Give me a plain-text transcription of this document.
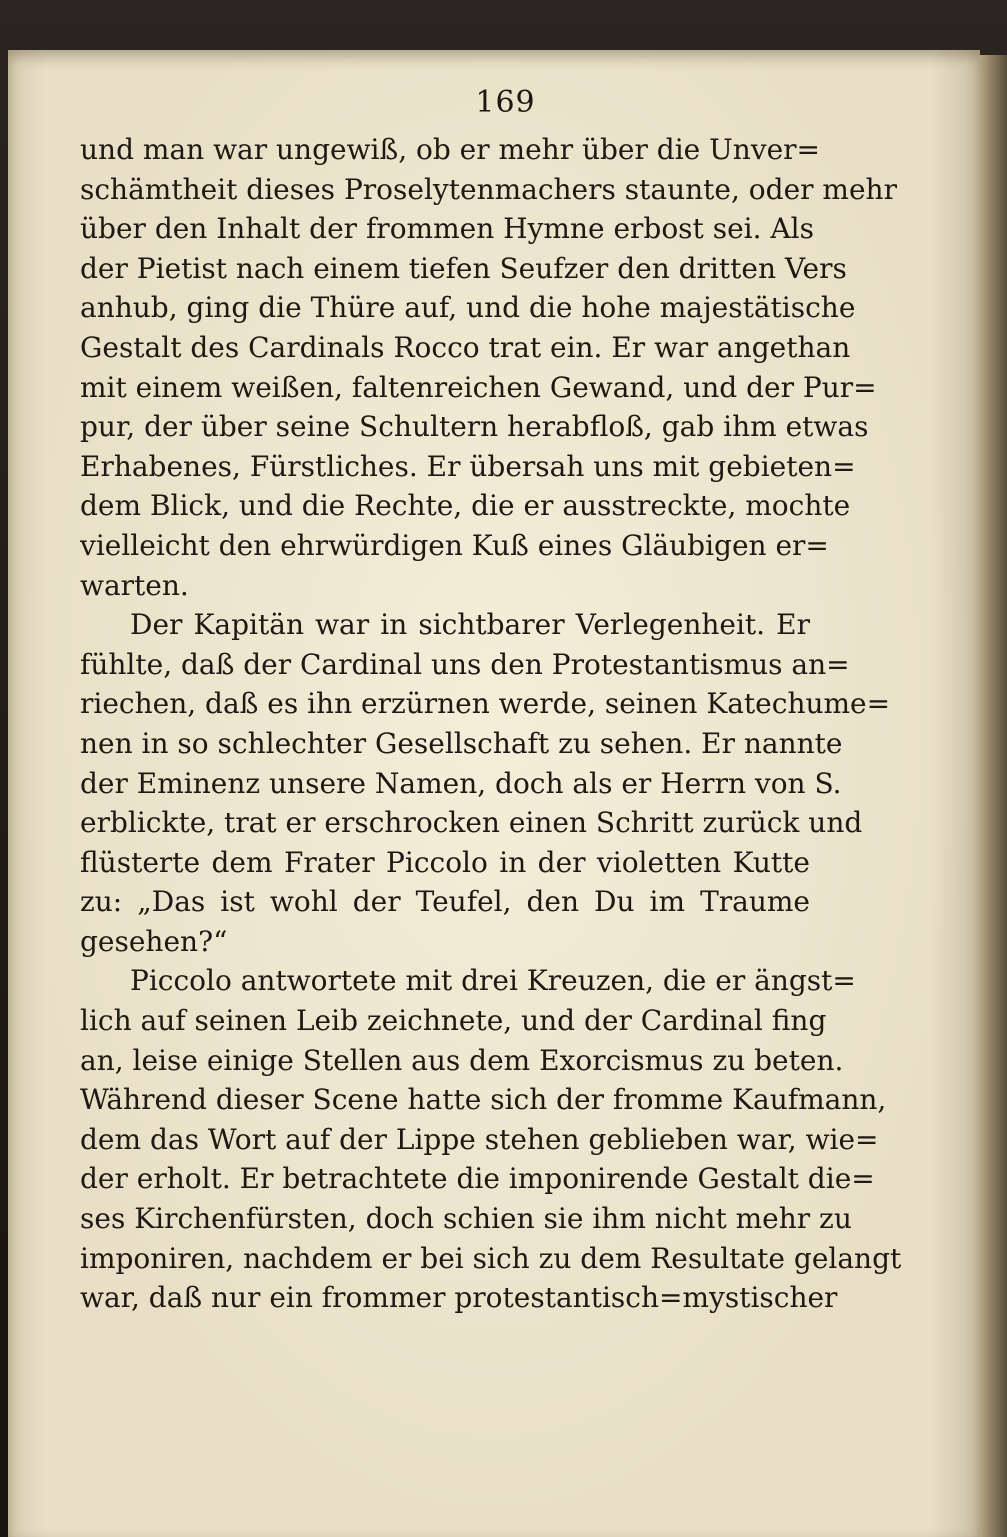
169
und man war ungewiß, ob er mehr über die Unver=
schämtheit dieses Proselytenmachers staunte, oder mehr
über den Inhalt der frommen Hymne erbost sei. Als
der Pietist nach einem tiefen Seufzer den dritten Vers
anhub, ging die Thüre auf, und die hohe majestätische
Gestalt des Cardinals Rocco trat ein. Er war angethan
mit einem weißen, faltenreichen Gewand, und der Pur=
pur, der über seine Schultern herabfloß, gab ihm etwas
Erhabenes, Fürstliches. Er übersah uns mit gebieten=
dem Blick, und die Rechte, die er ausstreckte, mochte
vielleicht den ehrwürdigen Kuß eines Gläubigen er=
warten.
Der Kapitän war in sichtbarer Verlegenheit. Er
fühlte, daß der Cardinal uns den Protestantismus an=
riechen, daß es ihn erzürnen werde, seinen Katechume=
nen in so schlechter Gesellschaft zu sehen. Er nannte
der Eminenz unsere Namen, doch als er Herrn von S.
erblickte, trat er erschrocken einen Schritt zurück und
flüsterte dem Frater Piccolo in der violetten Kutte
zu: „Das ist wohl der Teufel, den Du im Traume
gesehen?“
Piccolo antwortete mit drei Kreuzen, die er ängst=
lich auf seinen Leib zeichnete, und der Cardinal fing
an, leise einige Stellen aus dem Exorcismus zu beten.
Während dieser Scene hatte sich der fromme Kaufmann,
dem das Wort auf der Lippe stehen geblieben war, wie=
der erholt. Er betrachtete die imponirende Gestalt die=
ses Kirchenfürsten, doch schien sie ihm nicht mehr zu
imponiren, nachdem er bei sich zu dem Resultate gelangt
war, daß nur ein frommer protestantisch=mystischer
